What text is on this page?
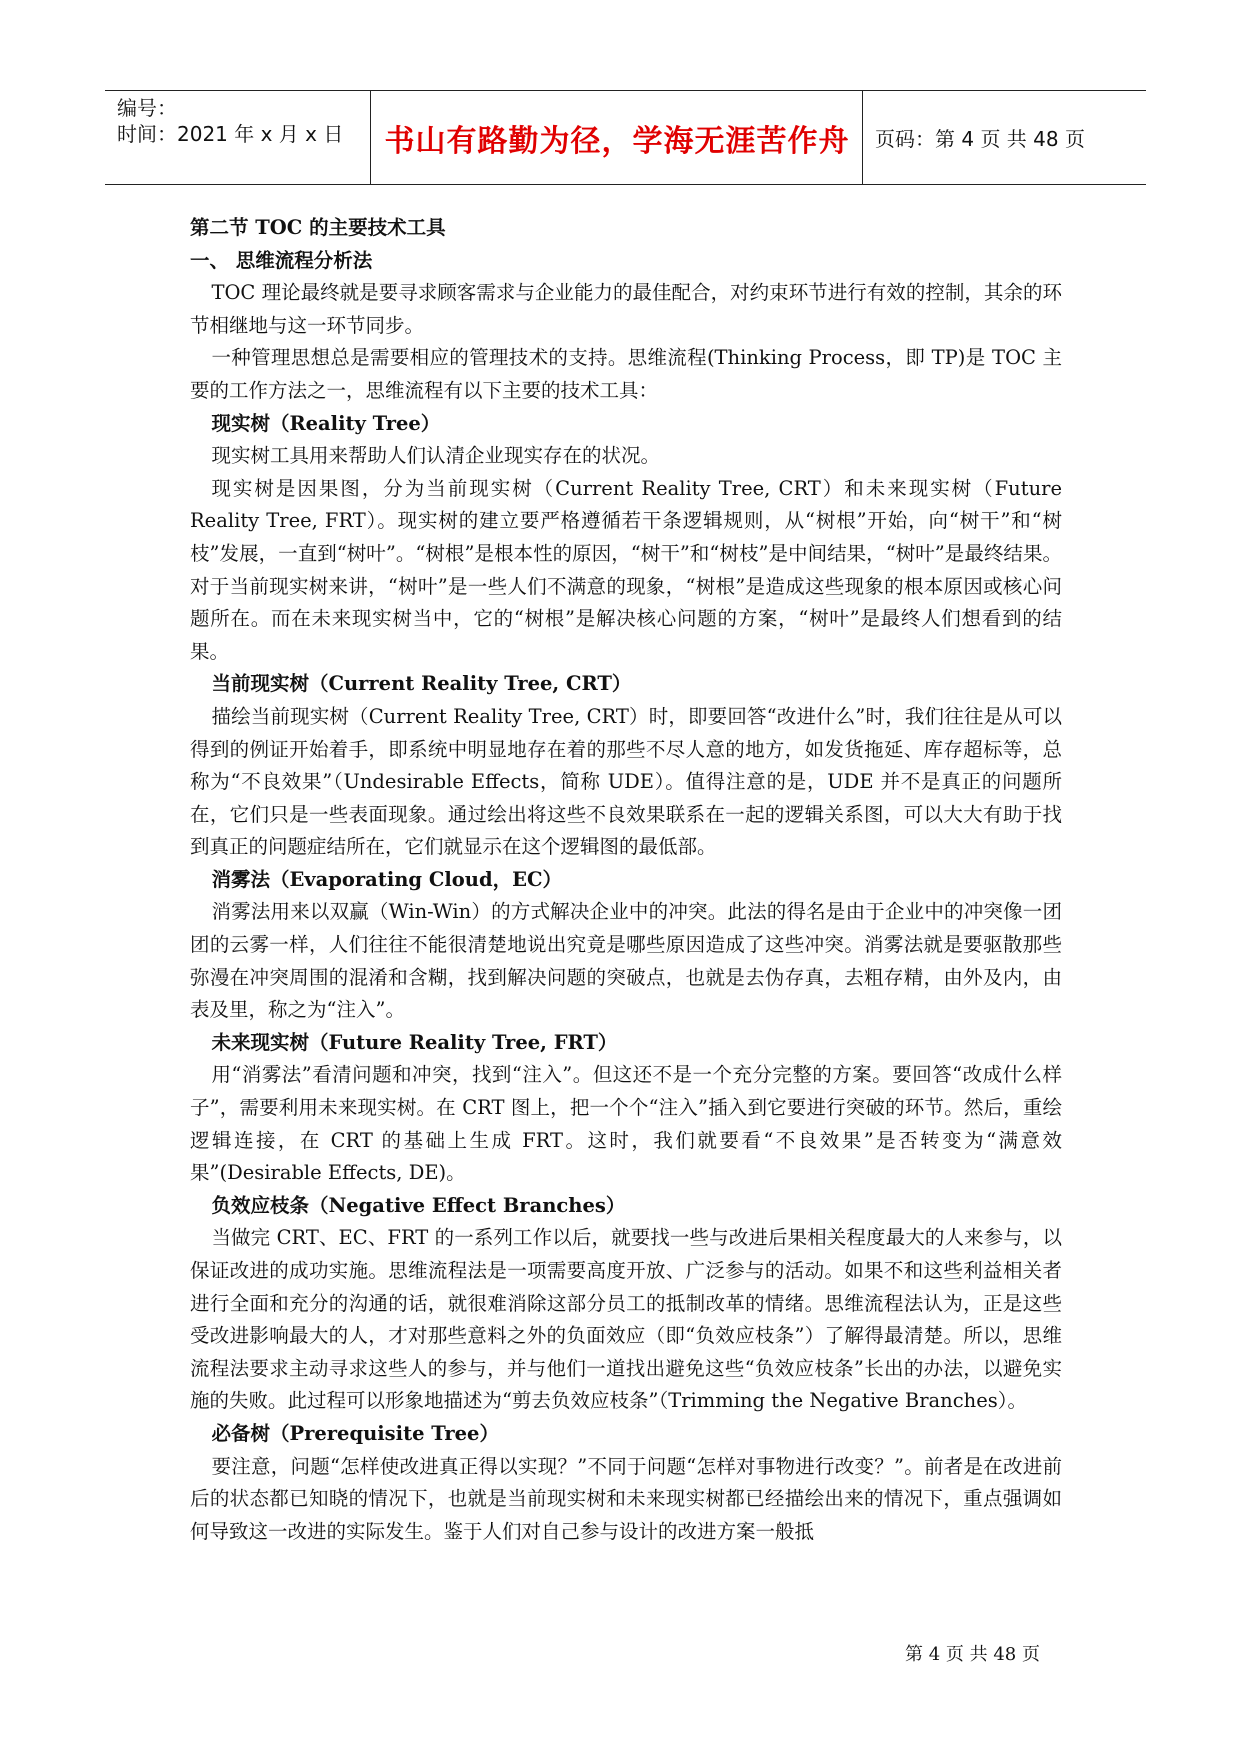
编号：
时间：2021 年 x 月 x 日	书山有路勤为径，学海无涯苦作舟	页码：第 4 页 共 48 页

第二节 TOC 的主要技术工具

一、 思维流程分析法

TOC 理论最终就是要寻求顾客需求与企业能力的最佳配合，对约束环节进行有效的控制，其余的环节相继地与这一环节同步。

一种管理思想总是需要相应的管理技术的支持。思维流程(Thinking Process，即 TP)是 TOC 主要的工作方法之一，思维流程有以下主要的技术工具：

现实树（Reality Tree）

现实树工具用来帮助人们认清企业现实存在的状况。

现实树是因果图，分为当前现实树（Current Reality Tree, CRT）和未来现实树（Future Reality Tree, FRT）。现实树的建立要严格遵循若干条逻辑规则，从“树根”开始，向“树干”和“树枝”发展，一直到“树叶”。“树根”是根本性的原因，“树干”和“树枝”是中间结果，“树叶”是最终结果。对于当前现实树来讲，“树叶”是一些人们不满意的现象，“树根”是造成这些现象的根本原因或核心问题所在。而在未来现实树当中，它的“树根”是解决核心问题的方案，“树叶”是最终人们想看到的结果。

当前现实树（Current Reality Tree, CRT）

描绘当前现实树（Current Reality Tree, CRT）时，即要回答“改进什么”时，我们往往是从可以得到的例证开始着手，即系统中明显地存在着的那些不尽人意的地方，如发货拖延、库存超标等，总称为“不良效果”（Undesirable Effects，简称 UDE）。值得注意的是，UDE 并不是真正的问题所在，它们只是一些表面现象。通过绘出将这些不良效果联系在一起的逻辑关系图，可以大大有助于找到真正的问题症结所在，它们就显示在这个逻辑图的最低部。

消雾法（Evaporating Cloud，EC）

消雾法用来以双赢（Win-Win）的方式解决企业中的冲突。此法的得名是由于企业中的冲突像一团团的云雾一样，人们往往不能很清楚地说出究竟是哪些原因造成了这些冲突。消雾法就是要驱散那些弥漫在冲突周围的混淆和含糊，找到解决问题的突破点，也就是去伪存真，去粗存精，由外及内，由表及里，称之为“注入”。

未来现实树（Future Reality Tree, FRT）

用“消雾法”看清问题和冲突，找到“注入”。但这还不是一个充分完整的方案。要回答“改成什么样子”，需要利用未来现实树。在 CRT 图上，把一个个“注入”插入到它要进行突破的环节。然后，重绘逻辑连接，在 CRT 的基础上生成 FRT。这时，我们就要看“不良效果”是否转变为“满意效果”(Desirable Effects, DE)。

负效应枝条（Negative Effect Branches）

当做完 CRT、EC、FRT 的一系列工作以后，就要找一些与改进后果相关程度最大的人来参与，以保证改进的成功实施。思维流程法是一项需要高度开放、广泛参与的活动。如果不和这些利益相关者进行全面和充分的沟通的话，就很难消除这部分员工的抵制改革的情绪。思维流程法认为，正是这些受改进影响最大的人，才对那些意料之外的负面效应（即“负效应枝条”）了解得最清楚。所以，思维流程法要求主动寻求这些人的参与，并与他们一道找出避免这些“负效应枝条”长出的办法，以避免实施的失败。此过程可以形象地描述为“剪去负效应枝条”（Trimming the Negative Branches）。

必备树（Prerequisite Tree）

要注意，问题“怎样使改进真正得以实现？”不同于问题“怎样对事物进行改变？”。前者是在改进前后的状态都已知晓的情况下，也就是当前现实树和未来现实树都已经描绘出来的情况下，重点强调如何导致这一改进的实际发生。鉴于人们对自己参与设计的改进方案一般抵

第 4 页 共 48 页
